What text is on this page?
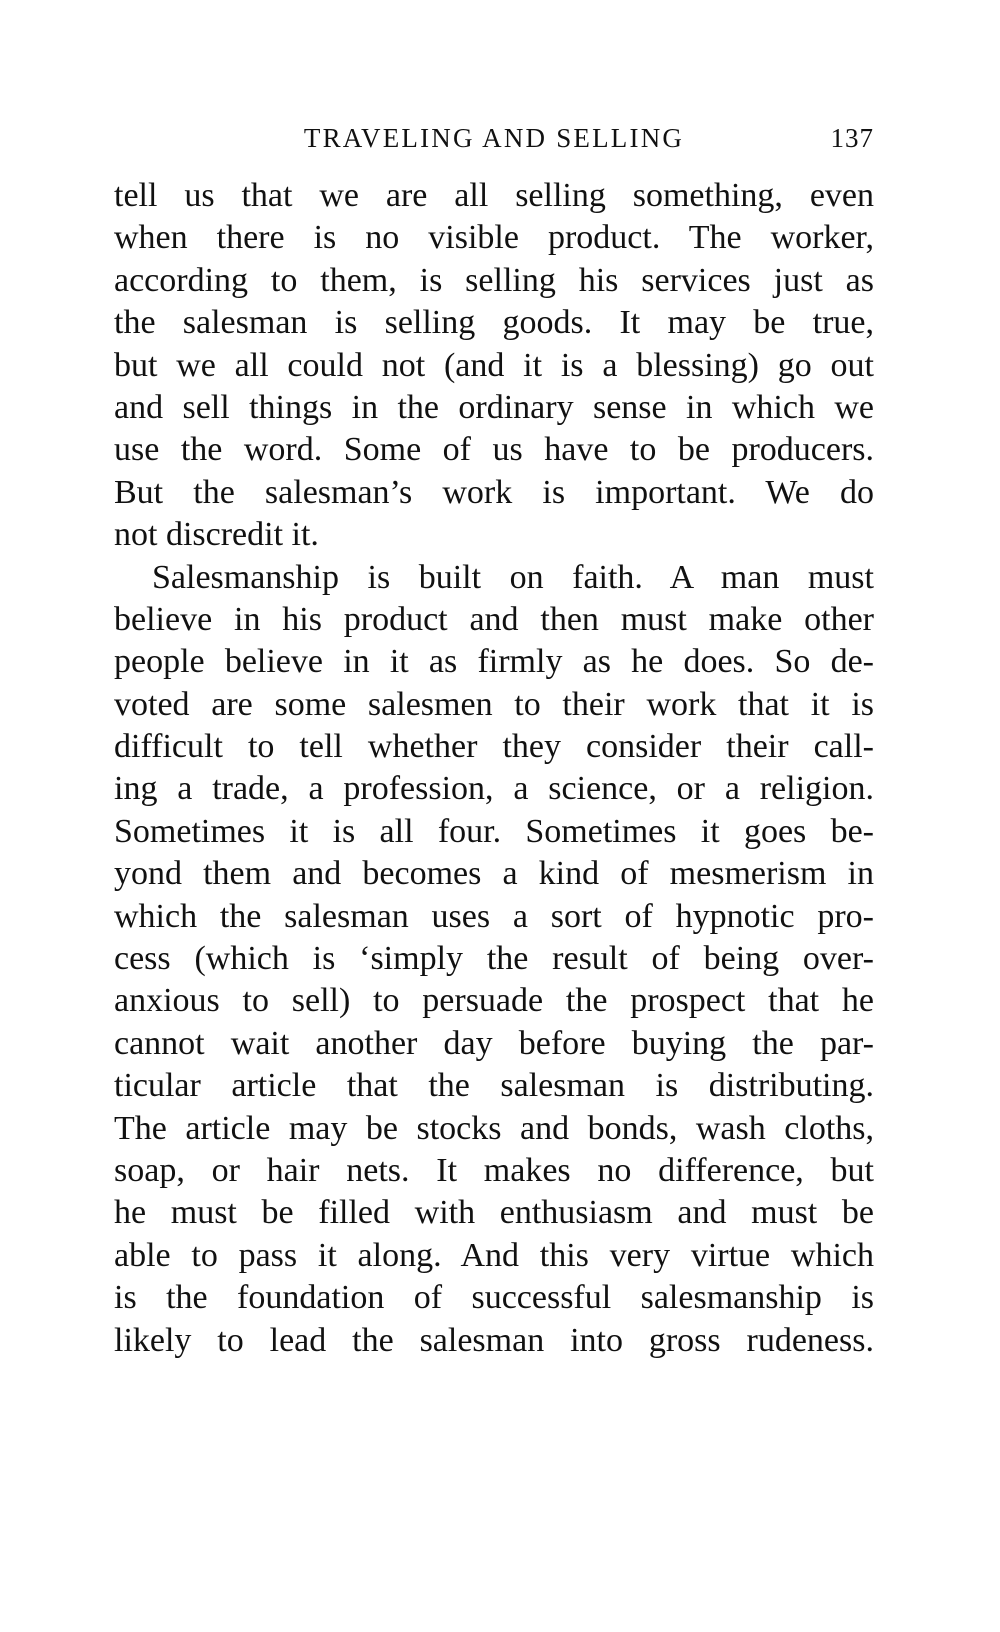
TRAVELING AND SELLING	137
tell us that we are all selling something, even
when there is no visible product. The worker,
according to them, is selling his services just as
the salesman is selling goods. It may be true,
but we all could not (and it is a blessing) go out
and sell things in the ordinary sense in which we
use the word. Some of us have to be producers.
But the salesman’s work is important. We do
not discredit it.
Salesmanship is built on faith. A man must
believe in his product and then must make other
people believe in it as firmly as he does. So de-
voted are some salesmen to their work that it is
difficult to tell whether they consider their call-
ing a trade, a profession, a science, or a religion.
Sometimes it is all four. Sometimes it goes be-
yond them and becomes a kind of mesmerism in
which the salesman uses a sort of hypnotic pro-
cess (which is ‘simply the result of being over-
anxious to sell) to persuade the prospect that he
cannot wait another day before buying the par-
ticular article that the salesman is distributing.
The article may be stocks and bonds, wash cloths,
soap, or hair nets. It makes no difference, but
he must be filled with enthusiasm and must be
able to pass it along. And this very virtue which
is the foundation of successful salesmanship is
likely to lead the salesman into gross rudeness.
